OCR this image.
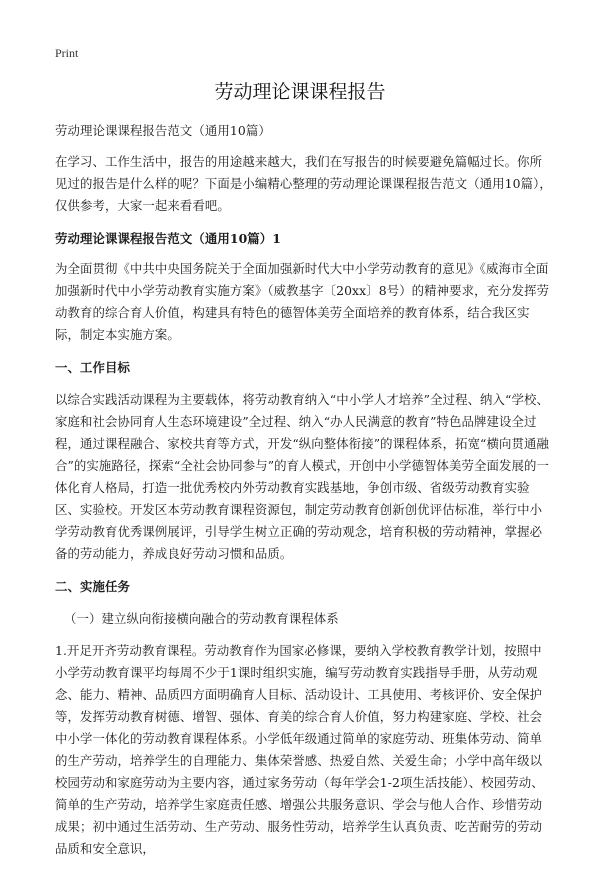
Print
劳动理论课课程报告

劳动理论课课程报告范文（通用10篇）

在学习、工作生活中，报告的用途越来越大，我们在写报告的时候要避免篇幅过长。你所见过的报告是什么样的呢？下面是小编精心整理的劳动理论课课程报告范文（通用10篇），仅供参考，大家一起来看看吧。

劳动理论课课程报告范文（通用10篇）1

为全面贯彻《中共中央国务院关于全面加强新时代大中小学劳动教育的意见》《威海市全面加强新时代中小学劳动教育实施方案》（威教基字〔20xx〕8号）的精神要求，充分发挥劳动教育的综合育人价值，构建具有特色的德智体美劳全面培养的教育体系，结合我区实际，制定本实施方案。

一、工作目标

以综合实践活动课程为主要载体，将劳动教育纳入“中小学人才培养”全过程、纳入“学校、家庭和社会协同育人生态环境建设”全过程、纳入“办人民满意的教育”特色品牌建设全过程，通过课程融合、家校共育等方式，开发“纵向整体衔接”的课程体系，拓宽“横向贯通融合”的实施路径，探索“全社会协同参与”的育人模式，开创中小学德智体美劳全面发展的一体化育人格局，打造一批优秀校内外劳动教育实践基地，争创市级、省级劳动教育实验区、实验校。开发区本劳动教育课程资源包，制定劳动教育创新创优评估标准，举行中小学劳动教育优秀课例展评，引导学生树立正确的劳动观念，培育积极的劳动精神，掌握必备的劳动能力，养成良好劳动习惯和品质。

二、实施任务

（一）建立纵向衔接横向融合的劳动教育课程体系

1.开足开齐劳动教育课程。劳动教育作为国家必修课，要纳入学校教育教学计划，按照中小学劳动教育课平均每周不少于1课时组织实施，编写劳动教育实践指导手册，从劳动观念、能力、精神、品质四方面明确育人目标、活动设计、工具使用、考核评价、安全保护等，发挥劳动教育树德、增智、强体、育美的综合育人价值，努力构建家庭、学校、社会中小学一体化的劳动教育课程体系。小学低年级通过简单的家庭劳动、班集体劳动、简单的生产劳动，培养学生的自理能力、集体荣誉感、热爱自然、关爱生命；小学中高年级以校园劳动和家庭劳动为主要内容，通过家务劳动（每年学会1-2项生活技能）、校园劳动、简单的生产劳动，培养学生家庭责任感、增强公共服务意识、学会与他人合作、珍惜劳动成果；初中通过生活劳动、生产劳动、服务性劳动，培养学生认真负责、吃苦耐劳的劳动品质和安全意识，
